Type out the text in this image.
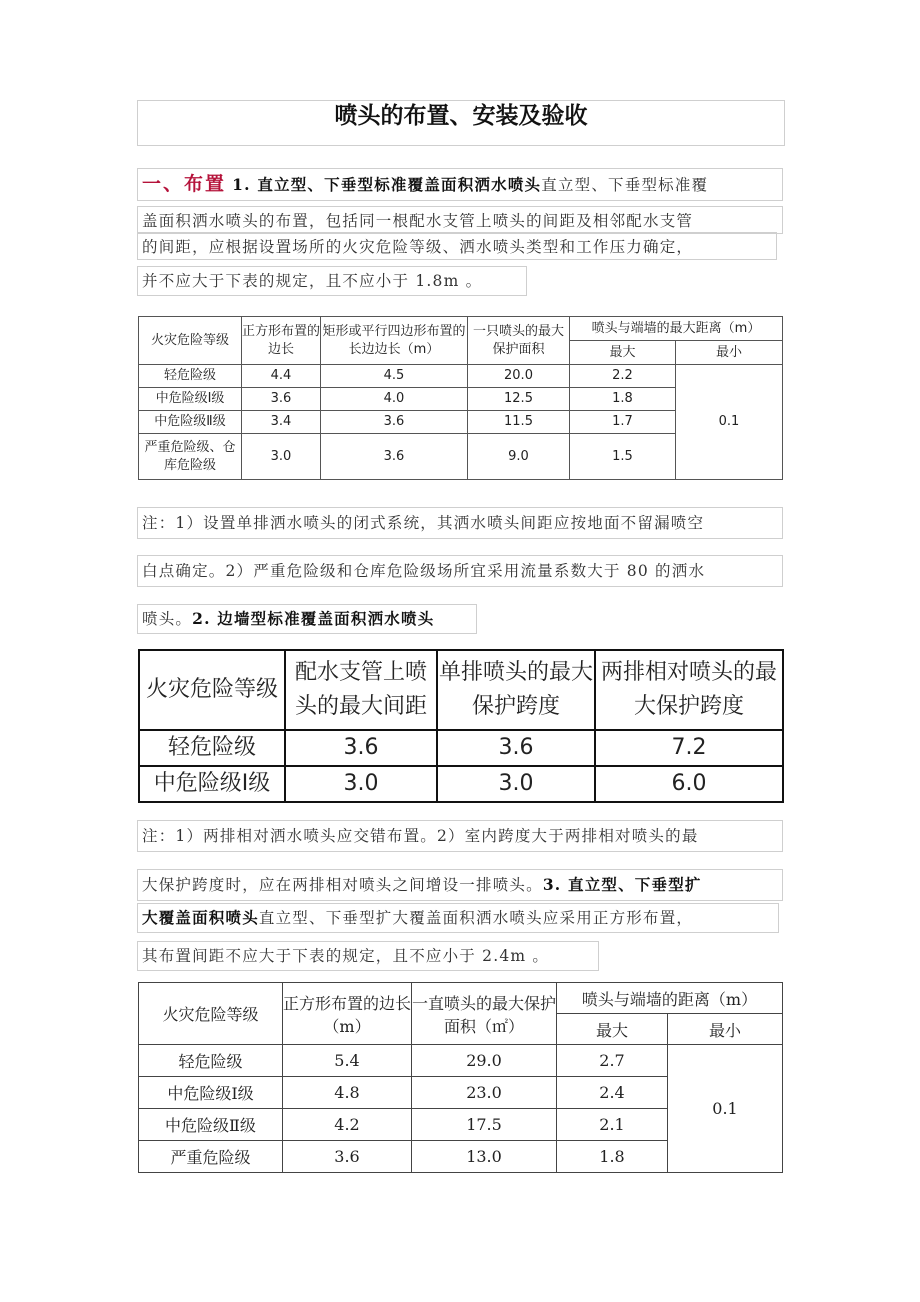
喷头的布置、安装及验收
一、布置 1. 直立型、下垂型标准覆盖面积洒水喷头直立型、下垂型标准覆
盖面积洒水喷头的布置，包括同一根配水支管上喷头的间距及相邻配水支管
的间距，应根据设置场所的火灾危险等级、洒水喷头类型和工作压力确定，
并不应大于下表的规定，且不应小于 1.8m 。
火灾危险等级	正方形布置的边长	矩形或平行四边形布置的长边边长（m）	一只喷头的最大保护面积	喷头与端墙的最大距离（m）	
				最大	最小
轻危险级	4.4	4.5	20.0	2.2	0.1
中危险级Ⅰ级	3.6	4.0	12.5	1.8	
中危险级Ⅱ级	3.4	3.6	11.5	1.7	
严重危险级、仓库危险级	3.0	3.6	9.0	1.5	
注：1）设置单排洒水喷头的闭式系统，其洒水喷头间距应按地面不留漏喷空
白点确定。2）严重危险级和仓库危险级场所宜采用流量系数大于 80 的洒水
喷头。2. 边墙型标准覆盖面积洒水喷头
火灾危险等级	配水支管上喷头的最大间距	单排喷头的最大保护跨度	两排相对喷头的最大保护跨度
轻危险级	3.6	3.6	7.2
中危险级Ⅰ级	3.0	3.0	6.0
注：1）两排相对洒水喷头应交错布置。2）室内跨度大于两排相对喷头的最
大保护跨度时，应在两排相对喷头之间增设一排喷头。3. 直立型、下垂型扩
大覆盖面积喷头直立型、下垂型扩大覆盖面积洒水喷头应采用正方形布置，
其布置间距不应大于下表的规定，且不应小于 2.4m 。
火灾危险等级	正方形布置的边长（m）	一直喷头的最大保护面积（㎡）	喷头与端墙的距离（m）	
			最大	最小
轻危险级	5.4	29.0	2.7	0.1
中危险级Ⅰ级	4.8	23.0	2.4	
中危险级Ⅱ级	4.2	17.5	2.1	
严重危险级	3.6	13.0	1.8	
